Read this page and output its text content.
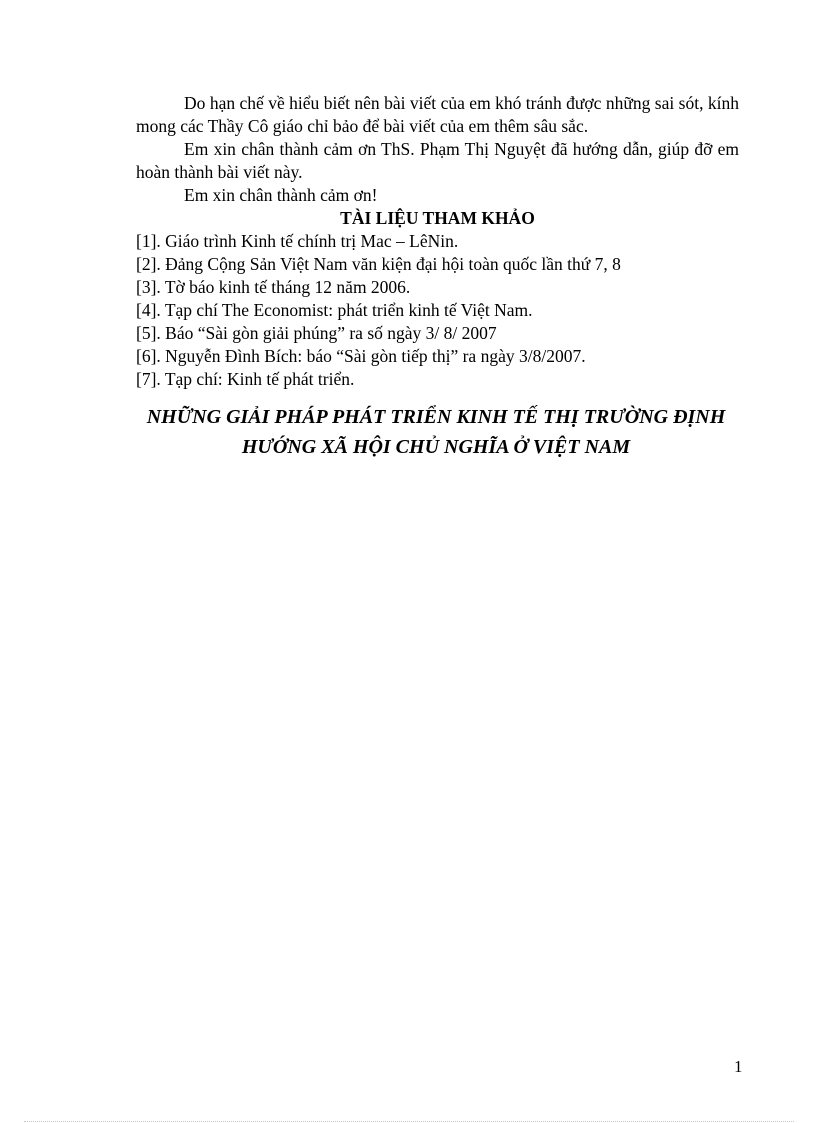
Do hạn chế về hiểu biết nên bài viết của em khó tránh được những sai sót, kính mong các Thầy Cô giáo chỉ bảo để bài viết của em thêm sâu sắc.

Em xin chân thành cảm ơn ThS. Phạm Thị Nguyệt đã hướng dẫn, giúp đỡ em hoàn thành bài viết này.

Em xin chân thành cảm ơn!

TÀI LIỆU THAM KHẢO

[1]. Giáo trình Kinh tế chính trị Mac – LêNin.
[2]. Đảng Cộng Sản Việt Nam văn kiện đại hội toàn quốc lần thứ 7, 8
[3]. Tờ báo kinh tế tháng 12 năm 2006.
[4]. Tạp chí The Economist: phát triển kinh tế Việt Nam.
[5]. Báo “Sài gòn giải phúng” ra số ngày 3/ 8/ 2007
[6]. Nguyễn Đình Bích: báo “Sài gòn tiếp thị” ra ngày 3/8/2007.
[7]. Tạp chí: Kinh tế phát triển.
NHỮNG GIẢI PHÁP PHÁT TRIỂN KINH TẾ THỊ TRƯỜNG ĐỊNH
HƯỚNG XÃ HỘI CHỦ NGHĨA Ở VIỆT NAM
1
